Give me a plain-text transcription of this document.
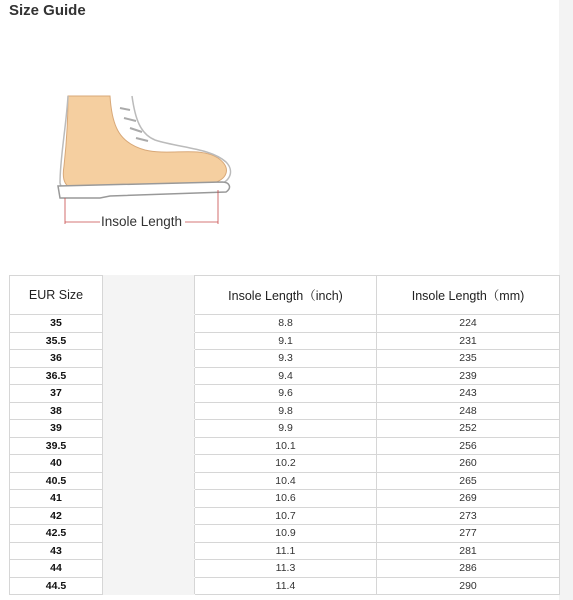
Size Guide
Insole Length
EUR Size		Insole Length（inch)	Insole Length（mm)
35		8.8	224
35.5		9.1	231
36		9.3	235
36.5		9.4	239
37		9.6	243
38		9.8	248
39		9.9	252
39.5		10.1	256
40		10.2	260
40.5		10.4	265
41		10.6	269
42		10.7	273
42.5		10.9	277
43		11.1	281
44		11.3	286
44.5		11.4	290
